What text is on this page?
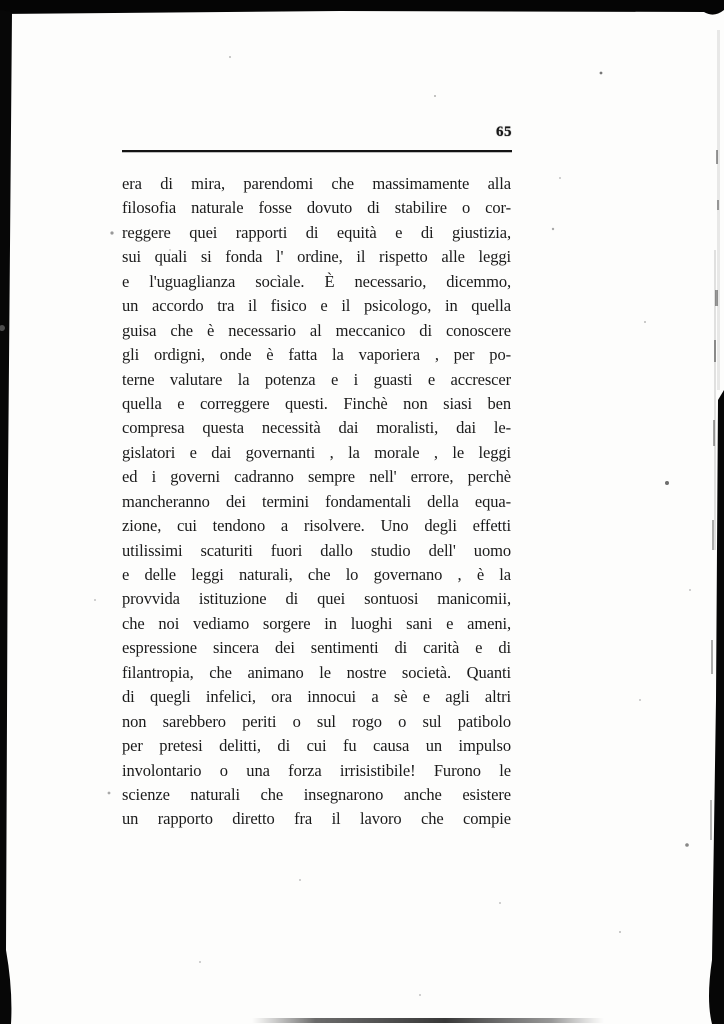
65
era di mira, parendomi che massimamente alla
filosofia naturale fosse dovuto di stabilire o cor-
reggere quei rapporti di equità e di giustizia,
sui quali si fonda l' ordine, il rispetto alle leggi
e l'uguaglianza socìale. È necessario, dicemmo,
un accordo tra il fisico e il psicologo, in quella
guisa che è necessario al meccanico di conoscere
gli ordigni, onde è fatta la vaporiera , per po-
terne valutare la potenza e i guasti e accrescer
quella e correggere questi. Finchè non siasi ben
compresa questa necessità dai moralisti, dai le-
gislatori e dai governanti , la morale , le leggi
ed i governi cadranno sempre nell' errore, perchè
mancheranno dei termini fondamentali della equa-
zione, cui tendono a risolvere. Uno degli effetti
utilissimi scaturiti fuori dallo studio dell' uomo
e delle leggi naturali, che lo governano , è la
provvida istituzione di quei sontuosi manicomii,
che noi vediamo sorgere in luoghi sani e ameni,
espressione sincera dei sentimenti di carità e di
filantropia, che animano le nostre società. Quanti
di quegli infelici, ora innocui a sè e agli altri
non sarebbero periti o sul rogo o sul patibolo
per pretesi delitti, di cui fu causa un impulso
involontario o una forza irrisistibile! Furono le
scienze naturali che insegnarono anche esistere
un rapporto diretto fra il lavoro che compie
